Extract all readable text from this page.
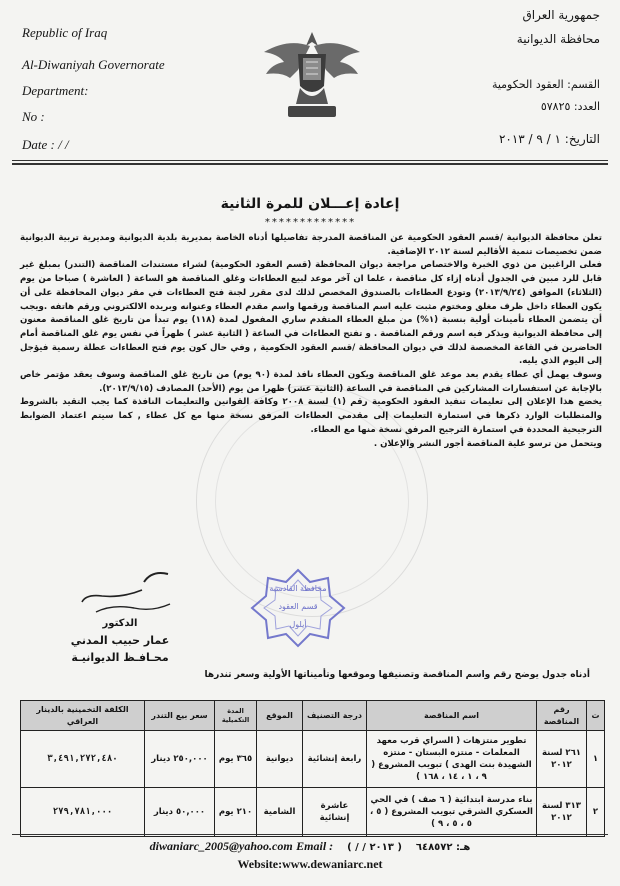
Republic of Iraq
Al-Diwaniyah Governorate
Department:
No :
Date : / /
جمهورية العراق
محافظة الديوانية
القسم: العقود الحكومية
العدد: ٥٧٨٢٥
التاريخ: ١ / ٩ / ٢٠١٣
إعادة إعـــلان للمرة الثانية
*************

تعلن محافظة الديوانية /قسم العقود الحكومية عن المناقصة المدرجة تفاصيلها أدناه الخاصة بمديرية بلدية الديوانية ومديرية تربية الديوانية ضمن تخصيصات تنمية الأقاليم لسنة ٢٠١٢ الإضافية.

فعلى الراغبين من ذوي الخبرة والاختصاص مراجعة ديوان المحافظة (قسم العقود الحكومية) لشراء مستندات المناقصة (التندر) بمبلغ غير قابل للرد مبين في الجدول أدناه إزاء كل مناقصة ، علما ان آخر موعد لبيع العطاءات وغلق المناقصة هو الساعة ( العاشرة ) صباحا من يوم (الثلاثاء) الموافق (٢٠١٣/٩/٢٤) وتودع العطاءات بالصندوق المخصص لذلك لدى مقرر لجنة فتح العطاءات في مقر ديوان المحافظة على أن يكون العطاء داخل ظرف مغلق ومختوم مثبت عليه اسم المناقصة ورقمها واسم مقدم العطاء وعنوانه وبريده الالكتروني ورقم هاتفه .ويجب أن يتضمن العطاء تأمينات أولية بنسبة (١%) من مبلغ العطاء المتقدم ساري المفعول لمدة (١١٨) يوم تبدأ من تاريخ غلق المناقصة معنون إلى محافظة الديوانية ويذكر فيه اسم ورقم المناقصة . و تفتح العطاءات في الساعة ( الثانية عشر ) ظهراً في نفس يوم غلق المناقصة أمام الحاضرين في القاعة المخصصة لذلك في ديوان المحافظة /قسم العقود الحكومية , وفي حال كون يوم فتح العطاءات عطلة رسمية فيؤجل إلى اليوم الذي يليه.

وسوف يهمل أي عطاء يقدم بعد موعد غلق المناقصة ويكون العطاء نافذ لمدة (٩٠ يوم) من تاريخ غلق المناقصة وسوف يعقد مؤتمر خاص بالإجابة عن استفسارات المشاركين في المناقصة في الساعة (الثانية عشر) ظهرا من يوم (الأحد) المصادف (٢٠١٣/٩/١٥).

يخضع هذا الإعلان إلى تعليمات تنفيذ العقود الحكومية رقم (١) لسنة ٢٠٠٨ وكافة القوانين والتعليمات النافذة كما يجب التقيد بالشروط والمتطلبات الوارد ذكرها في استمارة التعليمات إلى مقدمي العطاءات المرفق نسخة منها مع كل عطاء , كما سيتم اعتماد الضوابط الترجيحية المحددة في استمارة الترجيح المرفق نسخة منها مع العطاء.

ويتحمل من ترسو علية المناقصة أجور النشر والإعلان .

محافظة القادسية
قسم العقود
أيلول
الدكتور
عمار حبيب المدني
محـافـظ الديوانيـة
أدناه جدول يوضح رقم واسم المناقصة وتصنيفها وموقعها وتأميناتها الأولية وسعر تندرها
ت	رقم المناقصة	اسم المناقصة	درجة التصنيف	الموقع	المدة التكميلية	سعر بيع التندر	الكلفة التخمينية بالدينار العراقي
١	٢٦١ لسنة ٢٠١٢	تطوير منتزهات ( السراي قرب معهد المعلمات - منتزه البستان - منتزه الشهيدة بنت الهدى ) تبويب المشروع ( ٩ ، ١ ، ١٤ ، ١٦٨ )	رابعة إنشائية	ديوانية	٣٦٥ يوم	٢٥٠,٠٠٠ دينار	٣,٤٩١,٢٧٢,٤٨٠
٢	٣١٣ لسنة ٢٠١٢	بناء مدرسة ابتدائية ( ٦ صف ) في الحي العسكري الشرقي تبويب المشروع ( ٥ ، ٥ ، ٥ ، ٩ )	عاشرة إنشائية	الشامية	٢١٠ يوم	٥٠,٠٠٠ دينار	٢٧٩,٧٨١,٠٠٠
هـ: ٦٤٨٥٧٢    ( ٢٠١٣ / / )    diwaniarc_2005@yahoo.com Email :
Website:www.dewaniarc.net
